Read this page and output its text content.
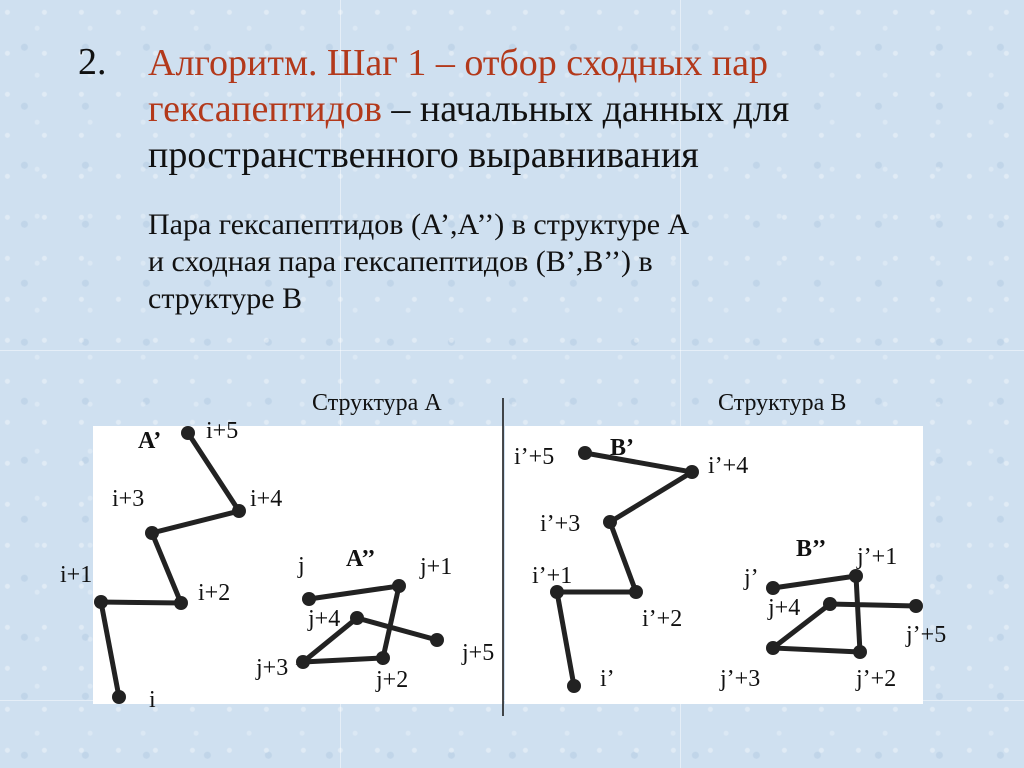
2. Алгоритм. Шаг 1 – отбор сходных пар гексапептидов – начальных данных для пространственного выравнивания
Пара гексапептидов (А’,А’’) в структуре А
и сходная пара гексапептидов (В’,В’’) в
структуре В
Структура А	Структура В
А’
i
i+1
i+2
i+3	i+4
i+5
А’’
j	j+1
j+2
j+3
j+4
j+5
В’
i’
i’+1
i’+2
i’+3
i’+4
i’+5
В’’
j’
j’+1
j’+2
j’+3
j+4
j’+5
